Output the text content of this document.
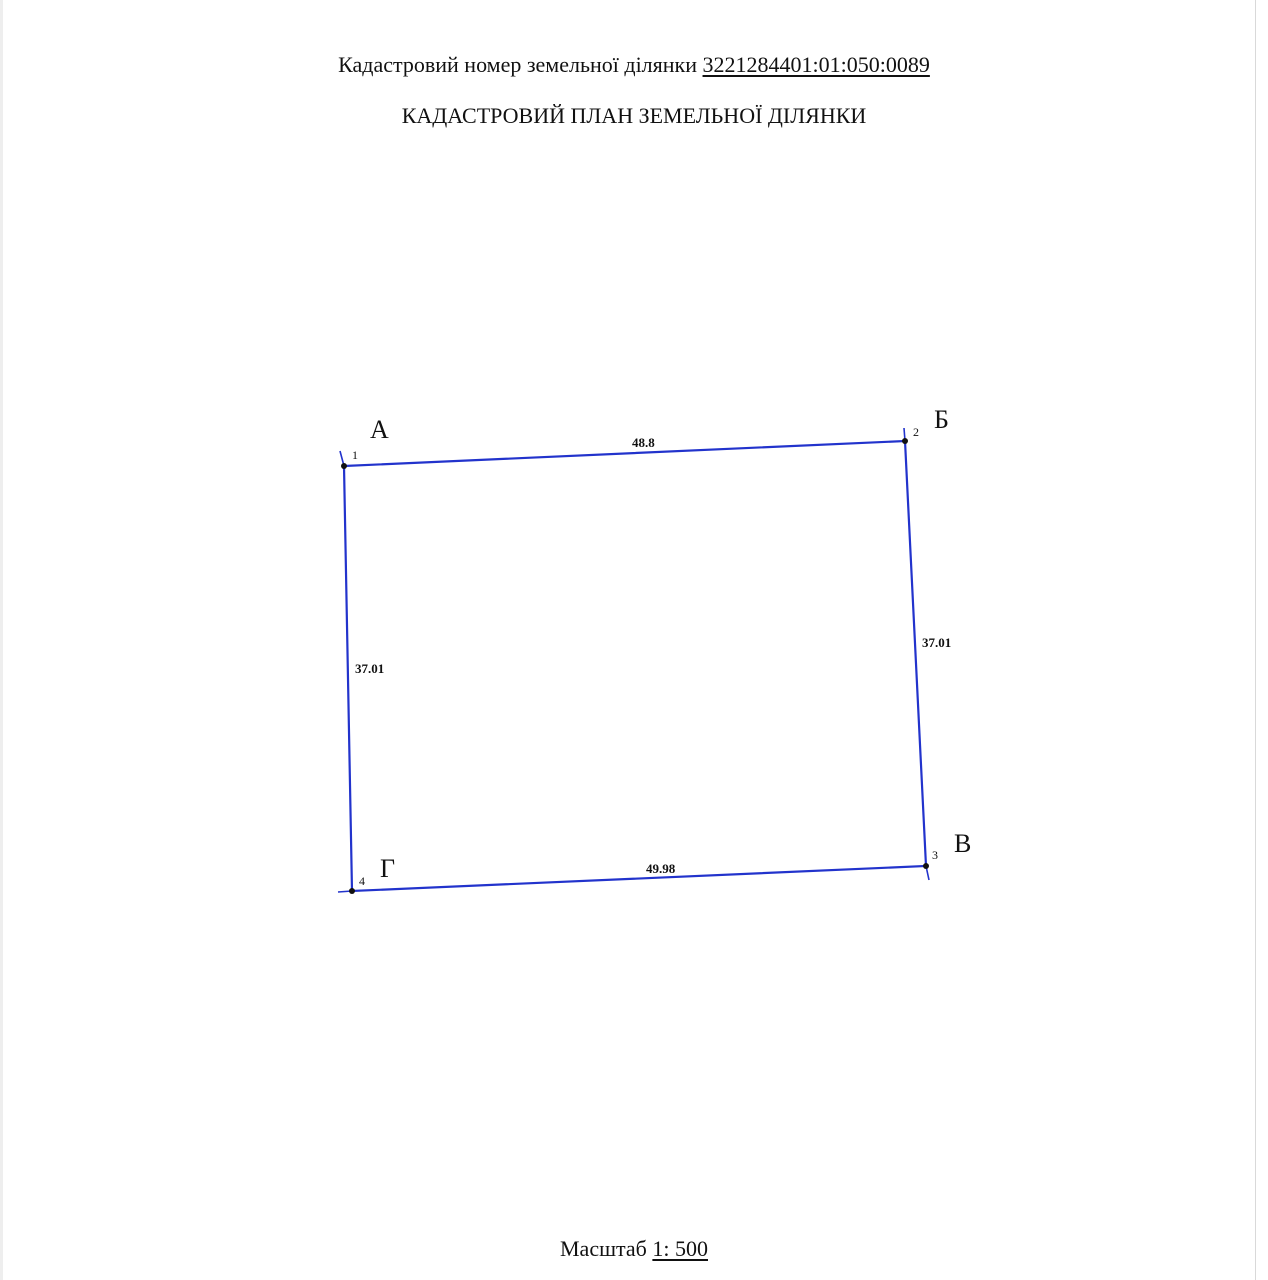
Кадастровий номер земельної ділянки 3221284401:01:050:0089
КАДАСТРОВИЙ ПЛАН ЗЕМЕЛЬНОЇ ДІЛЯНКИ
А	Б
В
Г
1
2
3
4
48.8
37.01
49.98
37.01
Масштаб 1: 500
